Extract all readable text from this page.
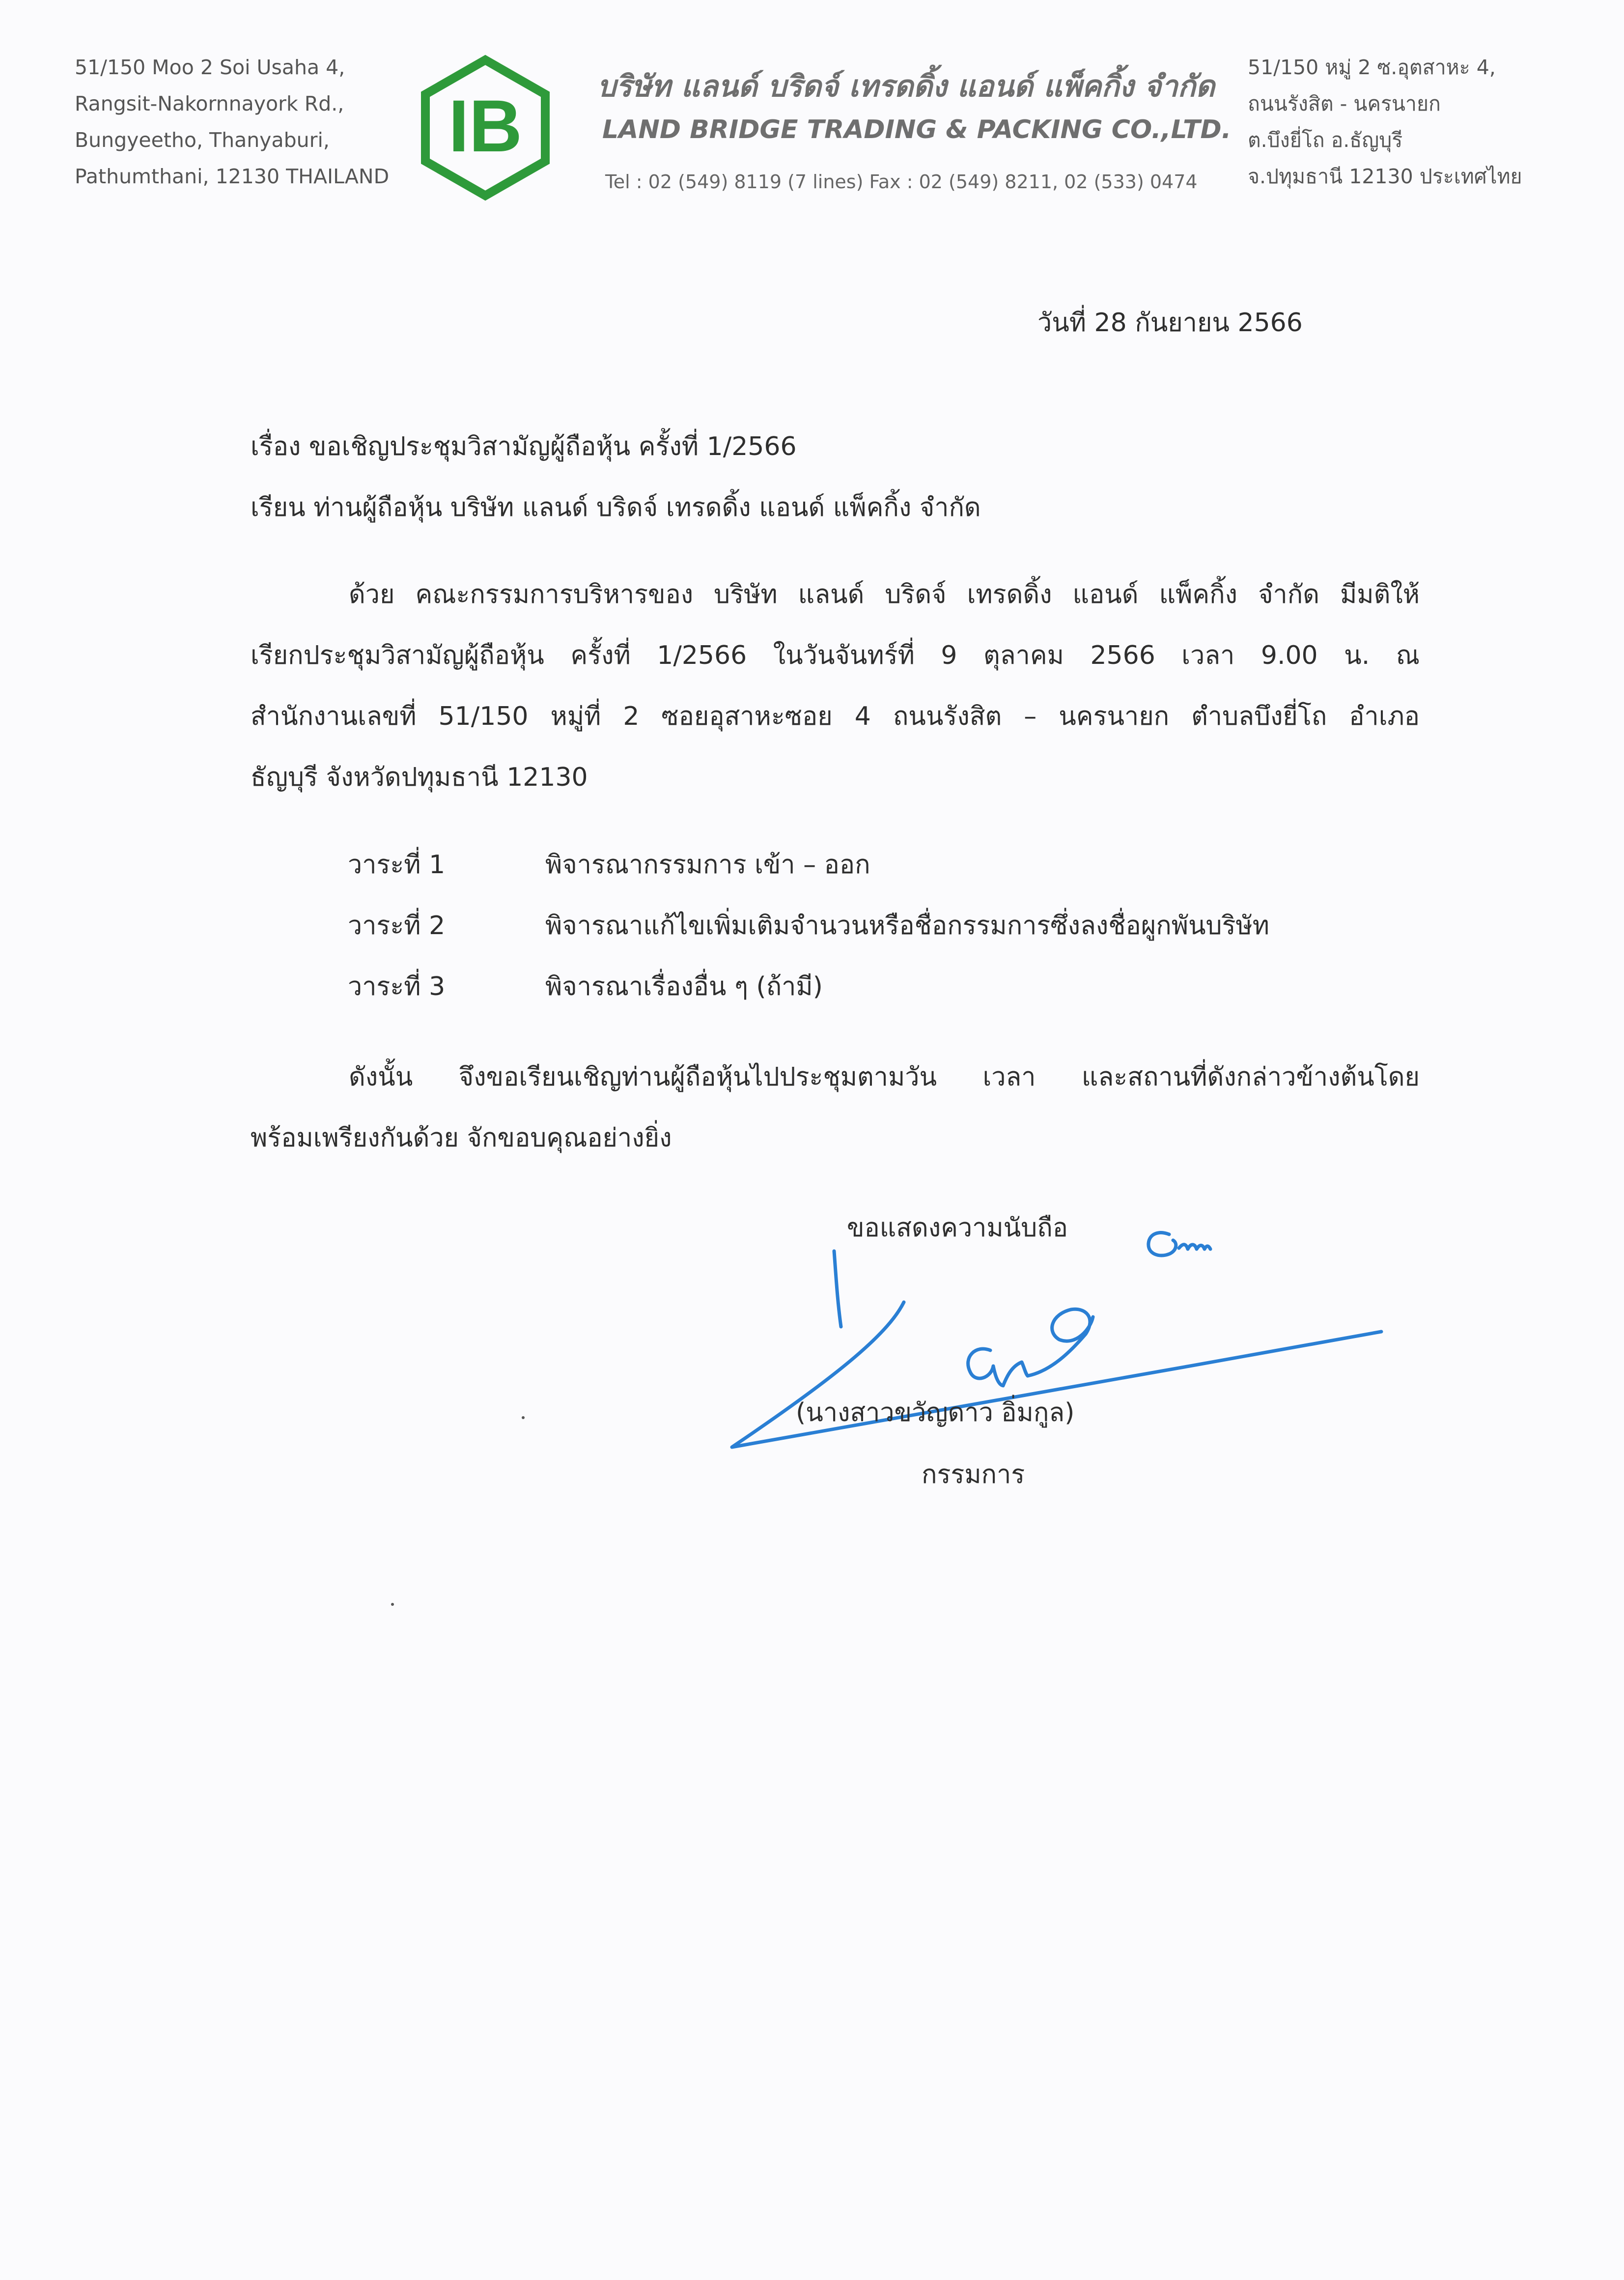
51/150 Moo 2 Soi Usaha 4,
Rangsit-Nakornnayork Rd.,
Bungyeetho, Thanyaburi,
Pathumthani, 12130 THAILAND
IB	บริษัท แลนด์ บริดจ์ เทรดดิ้ง แอนด์ แพ็คกิ้ง จำกัด
LAND BRIDGE TRADING & PACKING CO.,LTD.
Tel : 02 (549) 8119 (7 lines) Fax : 02 (549) 8211, 02 (533) 0474
51/150 หมู่ 2 ซ.อุตสาหะ 4,
ถนนรังสิต - นครนายก
ต.บึงยี่โถ อ.ธัญบุรี
จ.ปทุมธานี 12130 ประเทศไทย
วันที่ 28 กันยายน 2566
เรื่อง ขอเชิญประชุมวิสามัญผู้ถือหุ้น ครั้งที่ 1/2566
เรียน ท่านผู้ถือหุ้น บริษัท แลนด์ บริดจ์ เทรดดิ้ง แอนด์ แพ็คกิ้ง จำกัด
ด้วย คณะกรรมการบริหารของ บริษัท แลนด์ บริดจ์ เทรดดิ้ง แอนด์ แพ็คกิ้ง จำกัด มีมติให้
เรียกประชุมวิสามัญผู้ถือหุ้น ครั้งที่ 1/2566 ในวันจันทร์ที่ 9 ตุลาคม 2566 เวลา 9.00 น. ณ
สำนักงานเลขที่ 51/150 หมู่ที่ 2 ซอยอุสาหะซอย 4 ถนนรังสิต – นครนายก ตำบลบึงยี่โถ อำเภอ
ธัญบุรี จังหวัดปทุมธานี 12130
วาระที่ 1	พิจารณากรรมการ เข้า – ออก
วาระที่ 2	พิจารณาแก้ไขเพิ่มเติมจำนวนหรือชื่อกรรมการซึ่งลงชื่อผูกพันบริษัท
วาระที่ 3	พิจารณาเรื่องอื่น ๆ (ถ้ามี)
ดังนั้น จึงขอเรียนเชิญท่านผู้ถือหุ้นไปประชุมตามวัน เวลา และสถานที่ดังกล่าวข้างต้นโดย
พร้อมเพรียงกันด้วย จักขอบคุณอย่างยิ่ง
ขอแสดงความนับถือ
(นางสาวขวัญดาว อิ่มกูล)
กรรมการ
